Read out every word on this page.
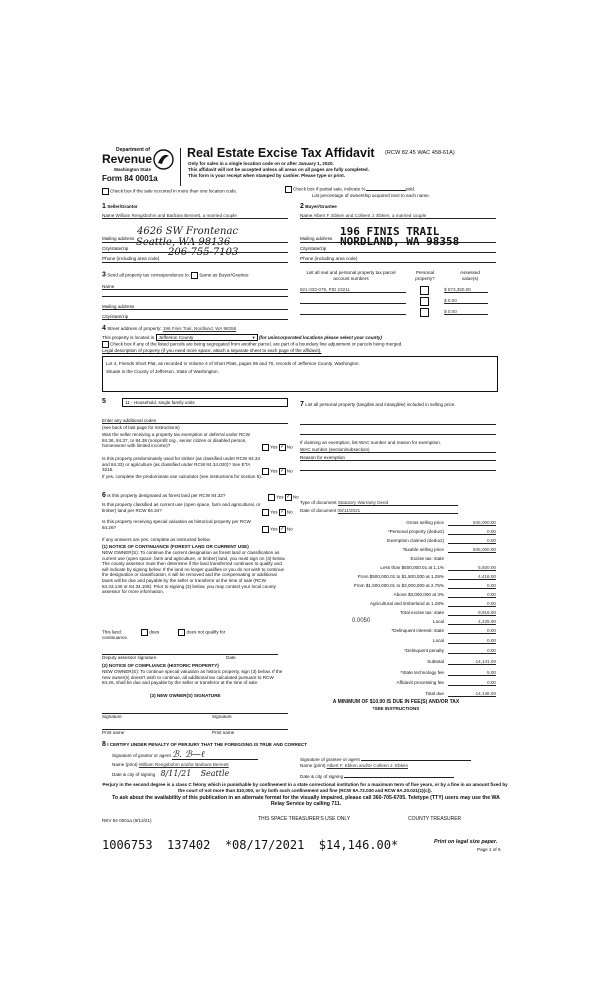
Department of
Revenue
Washington State
Form 84 0001a
Real Estate Excise Tax Affidavit (RCW 82.45 WAC 458-61A)
Only for sales in a single location code on or after January 1, 2020.
This affidavit will not be accepted unless all areas on all pages are fully completed.
This form is your receipt when stamped by cashier. Please type or print.
Check box if the sale occurred in more than one location code.	Check box if partial sale, indicate %	sold.
List percentage of ownership acquired next to each name.
1 Seller/Grantor
Name William Rengsbohm and Barbara Bennett, a married couple
Mailing address
4626 SW Frontenac
City/state/zip
Seattle, WA 98136
Phone (including area code)
206-755-7103
2 Buyer/Grantee
Name Albert F. Ebken and Colleen J. Ebken, a married couple
Mailing address
196 FINIS TRAIL
City/state/zip
NORDLAND, WA 98358
Phone (including area code)
3 Send all property tax correspondence to: Same as Buyer/Grantee
Name
Mailing address
City/state/zip
List all real and personal property tax parcel account numbers
Personal property?
Assessed value(s)
921-033-079, PID 23211	$ 573,350.00
$ 0.00
$ 0.00
4 Street address of property: 196 Finis Trail, Nordland, WA 98358
This property is located in Jefferson County	▼ (for unincorporated locations please select your county)
Check box if any of the listed parcels are being segregated from another parcel, are part of a boundary line adjustment or parcels being merged.
Legal description of property (if you need more space, attach a separate sheet to each page of the affidavit).
Lot 4, Friends Short Plat, as recorded in Volume 4 of Short Plats, pages 69 and 70, records of Jefferson County, Washington.
Situate in the County of Jefferson, State of Washington.
5	11 - Household, single family units
Enter any additional codes
(see back of last page for instructions)
Was the seller receiving a property tax exemption or deferral under RCW 84.36, 84.37, or 84.38 (nonprofit org., senior citizen or disabled person, homeowner with limited income)?	Yes ✓ No
Is this property predominately used for timber (as classified under RCW 84.34 and 84.33) or agriculture (as classified under RCW 84.34.020)? See ETA 3215.	Yes ✓ No
If yes, complete the predominate use calculator (see instructions for section 5).
6 Is this property designated as forest land per RCW 84.33?	Yes ✓ No
Is this property classified as current use (open space, farm and agricultural, or timber) land per RCW 84.34?	Yes ✓ No
Is this property receiving special valuation as historical property per RCW 84.26?	Yes ✓ No
If any answers are yes, complete as instructed below.
(1) NOTICE OF CONTINUANCE (FOREST LAND OR CURRENT USE)
NEW OWNER(S): To continue the current designation as forest land or classification as current use (open space, farm and agriculture, or timber) land, you must sign on (3) below. The county assessor must then determine if the land transferred continues to qualify and will indicate by signing below. If the land no longer qualifies or you do not wish to continue the designation or classification, it will be removed and the compensating or additional taxes will be due and payable by the seller or transferor at the time of sale (RCW 84.33.140 or 84.34.108). Prior to signing (3) below, you may contact your local county assessor for more information.
This land:	does	does not qualify for
continuance.
Deputy assessor signature	Date
(2) NOTICE OF COMPLIANCE (HISTORIC PROPERTY)
NEW OWNER(S): To continue special valuation as historic property, sign (3) below. If the new owner(s) doesn't wish to continue, all additional tax calculated pursuant to RCW 84.26, shall be due and payable by the seller or transferor at the time of sale.
(3) NEW OWNER(S) SIGNATURE
Signature	Signature
Print name	Print name
7 List all personal property (tangible and intangible) included in selling price.
If claiming an exemption, list WAC number and reason for exemption.
WAC number (section/subsection)
Reason for exemption
Type of document Statutory Warranty Deed
Date of document 08/11/2021
Gross selling price	845,000.00
*Personal property (deduct)	0.00
Exemption claimed (deduct)	0.00
Taxable selling price	845,000.00
Excise tax: state
Less than $500,000.01 at 1.1%	5,500.00
From $500,000.01 to $1,500,000 at 1.28%	4,416.00
From $1,500,000.01 to $3,000,000 at 2.75%	0.00
Above $3,000,000 at 3%	0.00
Agricultural and timberland at 1.28%	0.00
Total excise tax: state	9,916.00
0.0050	Local	4,225.00
*Delinquent interest: state	0.00
Local	0.00
*Delinquent penalty	0.00
Subtotal	14,141.00
*State technology fee	5.00
Affidavit processing fee	0.00
Total due	14,146.00
A MINIMUM OF $10.00 IS DUE IN FEE(S) AND/OR TAX
*SEE INSTRUCTIONS
8 I CERTIFY UNDER PENALTY OF PERJURY THAT THE FOREGOING IS TRUE AND CORRECT
Signature of grantor or agent ℬ. ℬ—ℓ
Name (print) William Rengsbohm and/or Barbara Bennett
Date & city of signing 8/11/21 Seattle
Signature of grantee or agent
Name (print) Albert F. Ebken and/or Colleen J. Ebken
Date & city of signing
Perjury in the second degree is a class C felony which is punishable by confinement in a state correctional institution for a maximum term of five years, or by a fine in an amount fixed by the court of not more than $10,000, or by both such confinement and fine (RCW 9A.72.030 and RCW 9A.20.021(1)(c)).
To ask about the availability of this publication in an alternate format for the visually impaired, please call 360-705-6705. Teletype (TTY) users may use the WA Relay Service by calling 711.
REV 84 0001a (9/12/21)	THIS SPACE TREASURER'S USE ONLY	COUNTY TREASURER
1006753  137402  *08/17/2021  $14,146.00*	Print on legal size paper.
Page 1 of 6
